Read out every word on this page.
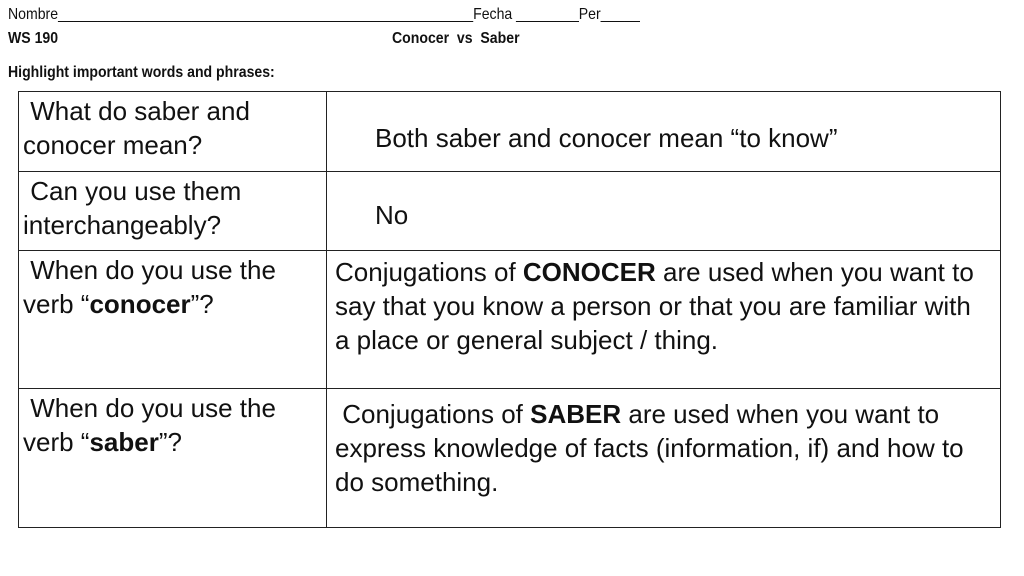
Nombre_____________________________________________________Fecha ________Per_____
WS 190	Conocer  vs  Saber
Highlight important words and phrases:
What do saber and
conocer mean?	Both saber and conocer mean “to know”

Can you use them
interchangeably?	No

When do you use the
verb “conocer”?	Conjugations of CONOCER are used when you want to say that you know a person or that you are familiar with a place or general subject / thing.

When do you use the
verb “saber”?	Conjugations of SABER are used when you want to express knowledge of facts (information, if) and how to do something.
